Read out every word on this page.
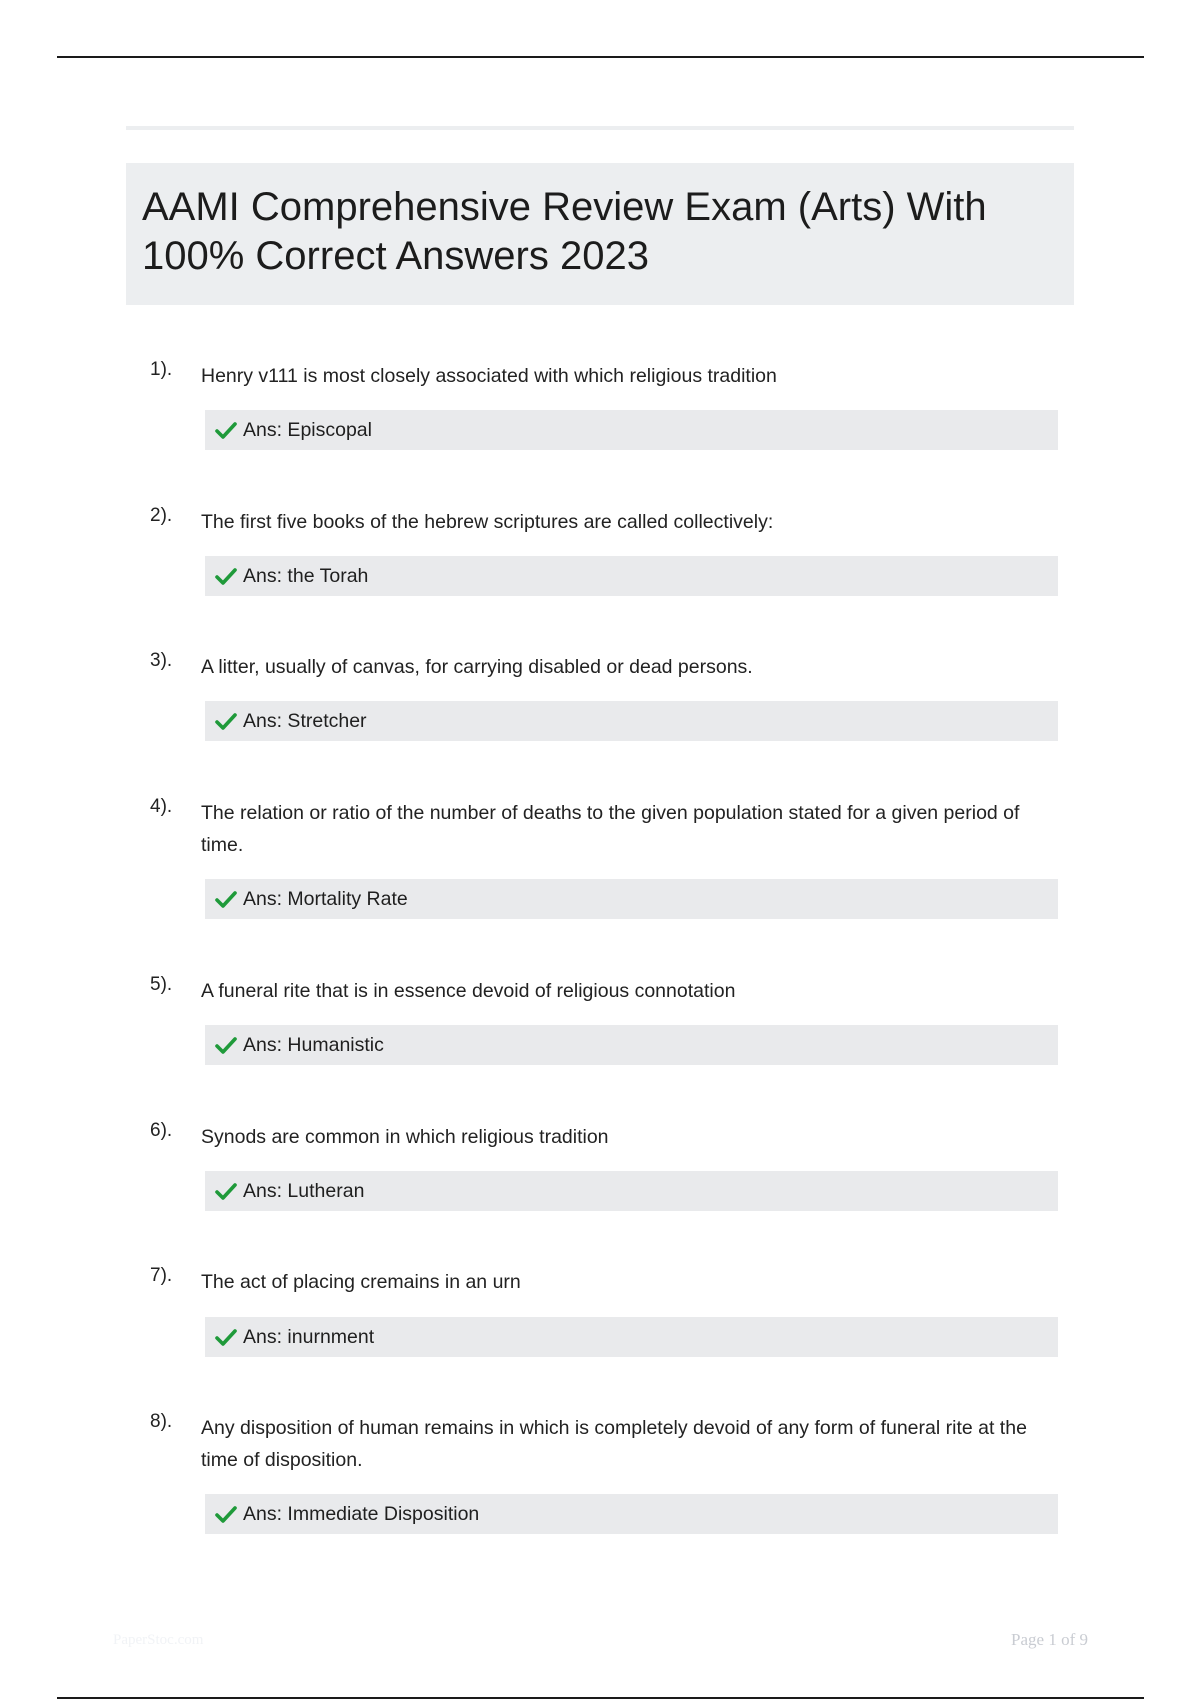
AAMI Comprehensive Review Exam (Arts) With
100% Correct Answers 2023
1). Henry v111 is most closely associated with which religious tradition

Ans: Episcopal
2). The first five books of the hebrew scriptures are called collectively:

Ans: the Torah
3). A litter, usually of canvas, for carrying disabled or dead persons.

Ans: Stretcher
4). The relation or ratio of the number of deaths to the given population stated for a given period of time.

Ans: Mortality Rate
5). A funeral rite that is in essence devoid of religious connotation

Ans: Humanistic
6). Synods are common in which religious tradition

Ans: Lutheran
7). The act of placing cremains in an urn

Ans: inurnment
8). Any disposition of human remains in which is completely devoid of any form of funeral rite at the time of disposition.

Ans: Immediate Disposition
PaperStoc.com	Page 1 of 9
